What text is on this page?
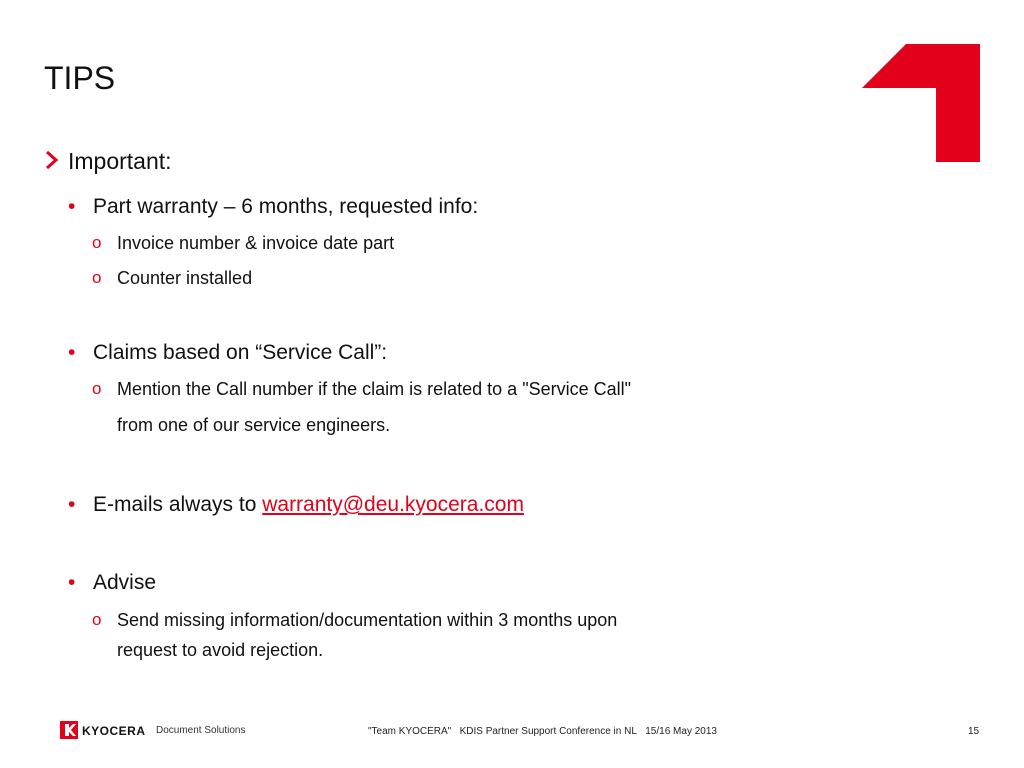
TIPS
Important:
• Part warranty – 6 months, requested info:
o Invoice number & invoice date part
o Counter installed
• Claims based on “Service Call”:
o Mention the Call number if the claim is related to a "Service Call"
from one of our service engineers.
• E-mails always to warranty@deu.kyocera.com
• Advise
o Send missing information/documentation within 3 months upon
request to avoid rejection.
KYOCERA Document Solutions	"Team KYOCERA" KDIS Partner Support Conference in NL 15/16 May 2013	15
